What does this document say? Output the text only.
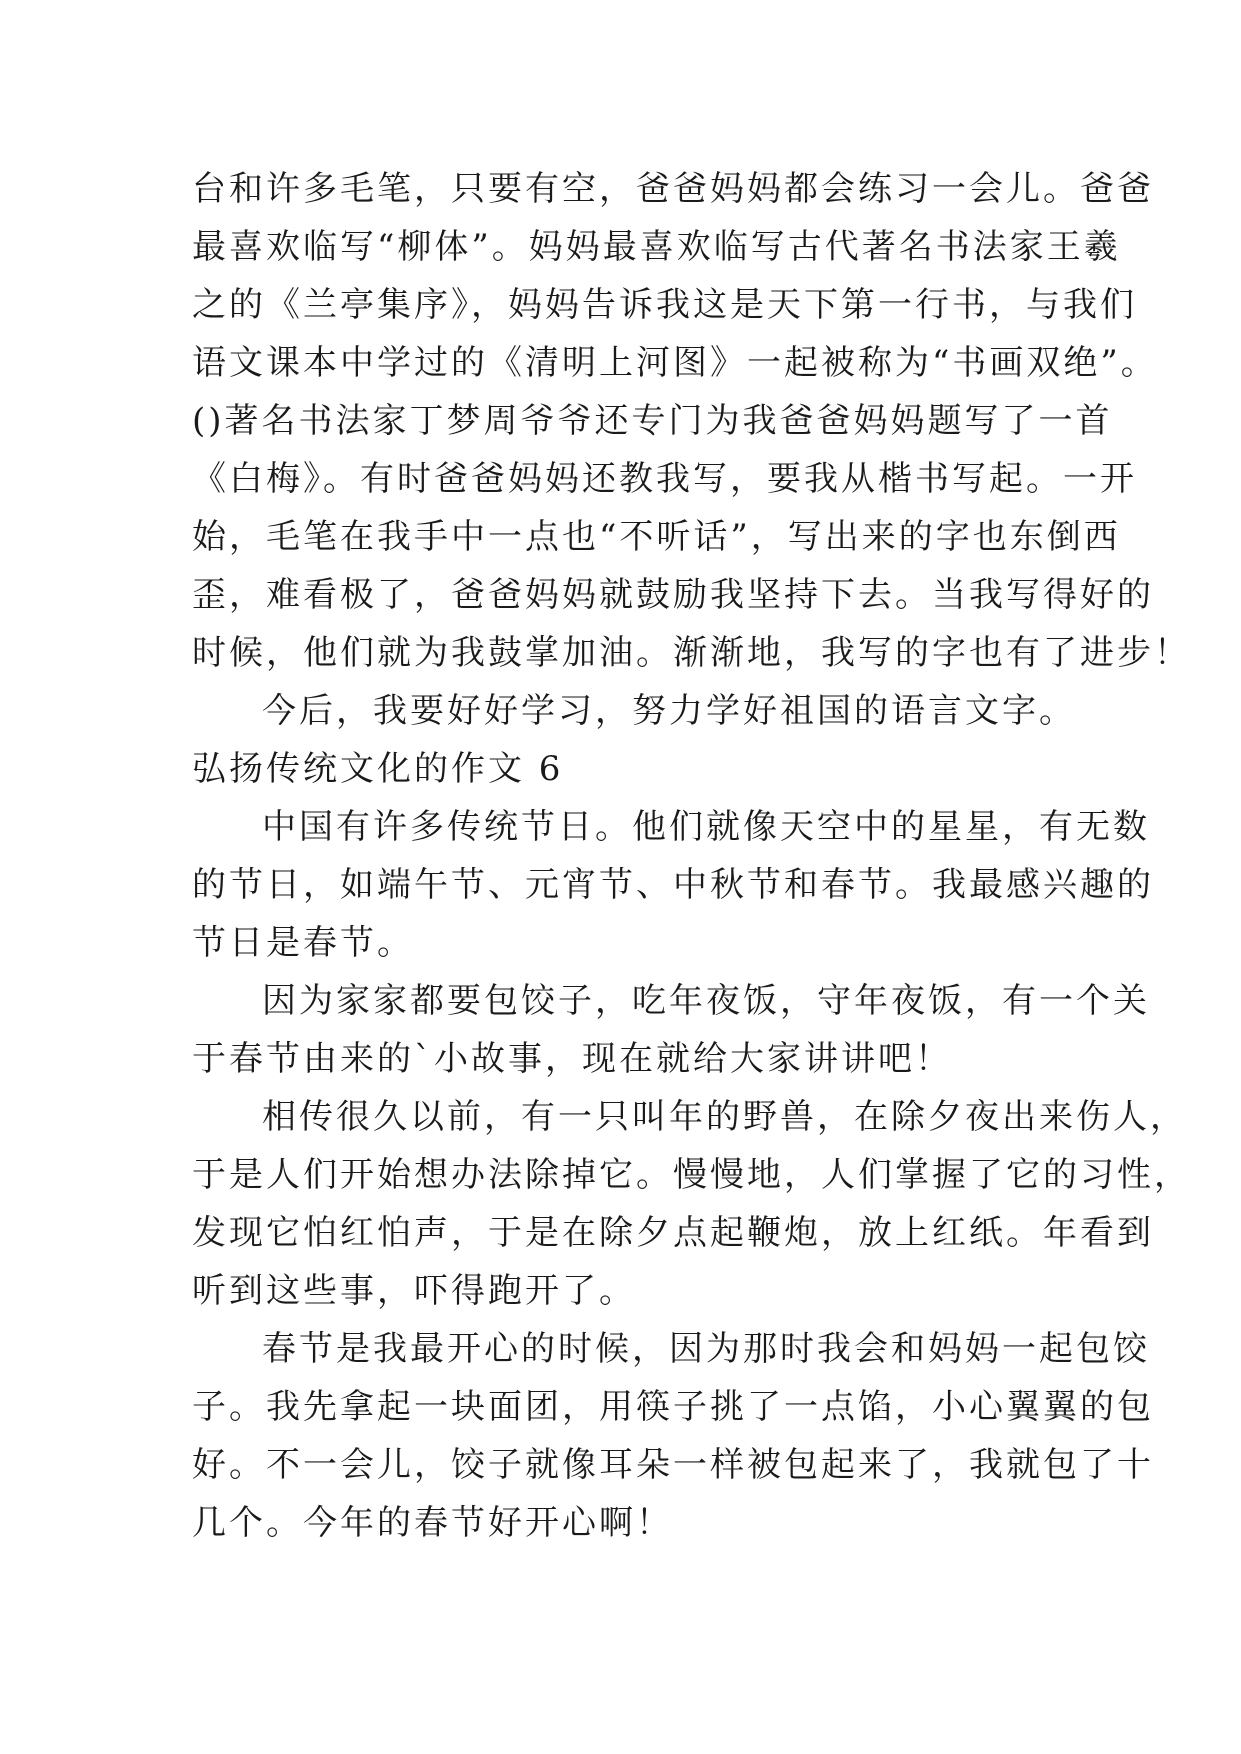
台和许多毛笔，只要有空，爸爸妈妈都会练习一会儿。爸爸
最喜欢临写“柳体”。妈妈最喜欢临写古代著名书法家王羲
之的《兰亭集序》，妈妈告诉我这是天下第一行书，与我们
语文课本中学过的《清明上河图》一起被称为“书画双绝”。
()著名书法家丁梦周爷爷还专门为我爸爸妈妈题写了一首
《白梅》。有时爸爸妈妈还教我写，要我从楷书写起。一开
始，毛笔在我手中一点也“不听话”，写出来的字也东倒西
歪，难看极了，爸爸妈妈就鼓励我坚持下去。当我写得好的
时候，他们就为我鼓掌加油。渐渐地，我写的字也有了进步！
今后，我要好好学习，努力学好祖国的语言文字。
弘扬传统文化的作文 6
中国有许多传统节日。他们就像天空中的星星，有无数
的节日，如端午节、元宵节、中秋节和春节。我最感兴趣的
节日是春节。
因为家家都要包饺子，吃年夜饭，守年夜饭，有一个关
于春节由来的`小故事，现在就给大家讲讲吧！
相传很久以前，有一只叫年的野兽，在除夕夜出来伤人，
于是人们开始想办法除掉它。慢慢地，人们掌握了它的习性，
发现它怕红怕声，于是在除夕点起鞭炮，放上红纸。年看到
听到这些事，吓得跑开了。
春节是我最开心的时候，因为那时我会和妈妈一起包饺
子。我先拿起一块面团，用筷子挑了一点馅，小心翼翼的包
好。不一会儿，饺子就像耳朵一样被包起来了，我就包了十
几个。今年的春节好开心啊！
